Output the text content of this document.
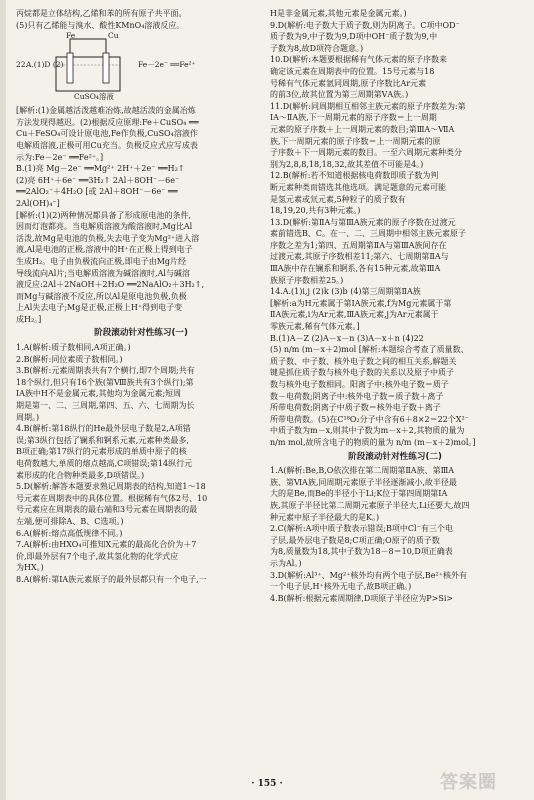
丙烷都是立体结构,乙烯和苯的所有原子共平面。
(5)只有乙烯能与溴水、酸性KMnO₄溶液反应。
22.
A.(1)D (2)
Fe	Cu
CuSO₄溶液
Fe－2e⁻ ══Fe²⁺
[解析:(1)金属越活泼越难冶炼,故越活泼的金属冶炼
方法发现得越迟。(2)根据反应原理:Fe＋CuSO₄ ══
Cu＋FeSO₄可设计原电池,Fe作负极,CuSO₄溶液作
电解质溶液,正极可用Cu充当。负极反应式应写成表
示为:Fe－2e⁻ ══Fe²⁺。]
B.(1)亮 Mg－2e⁻ ══Mg²⁺ 2H⁺＋2e⁻ ══H₂↑
(2)亮 6H⁺＋6e⁻ ══3H₂↑ 2Al＋8OH⁻－6e⁻
══2AlO₂⁻＋4H₂O [或 2Al＋8OH⁻－6e⁻ ══
2Al(OH)₄⁻]
[解析:(1)(2)两种情况都具备了形成原电池的条件,
因而灯泡都亮。当电解质溶液为酸溶液时,Mg比Al
活泼,故Mg是电池的负极,失去电子变为Mg²⁺进入溶
液,Al是电池的正极,溶液中的H⁺在正极上得到电子
生成H₂。电子由负极流向正极,即电子由Mg片经
导线流向Al片;当电解质溶液为碱溶液时,Al与碱溶
液反应:2Al＋2NaOH＋2H₂O ══2NaAlO₂＋3H₂↑,
而Mg与碱溶液不反应,所以Al是原电池负极,负极
上Al失去电子;Mg是正极,正极上H⁺得到电子变
成H₂。]
阶段滚动针对性练习(一)
1.A(解析:质子数相同,A项正确。)
2.B(解析:同位素质子数相同。)
3.B(解析:元素周期表共有7个横行,即7个周期;共有
18个纵行,但只有16个族(第Ⅷ族共有3个纵行);第
ⅠA族中H不是金属元素,其他均为金属元素;短周
期是第一、二、三周期,第四、五、六、七周期为长
周期。)
4.B(解析:第18纵行的He最外层电子数是2,A项错
误;第3纵行包括了镧系和锕系元素,元素种类最多,
B项正确;第17纵行的元素形成的单质中原子的核
电荷数越大,单质的熔点越高,C项错误;第14纵行元
素形成的化合物种类最多,D项错误。)
5.D(解析:解答本题要求熟记周期表的结构,知道1～18
号元素在周期表中的具体位置。根据稀有气体2号、10
号元素应在周期表的最右端和3号元素在周期表的最
左端,便可排除A、B、C选项。)
6.A(解析:熔点高低规律不同。)
7.A(解析:由HXO₄可推知X元素的最高化合价为＋7
价,即最外层有7个电子,故其氢化物的化学式应
为HX。)
8.A(解析:第ⅠA族元素原子的最外层都只有一个电子,一
H是非金属元素,其他元素是金属元素。)
9.D(解析:电子数大于质子数,则为阴离子。C项中OD⁻
质子数为9,中子数为9,D项中OH⁻质子数为9,中
子数为8,故D项符合题意。)
10.D(解析:本题要根据稀有气体元素的原子序数来
确定该元素在周期表中的位置。15号元素与18
号稀有气体元素氩同周期,原子序数比Ar元素
的前3位,故其位置为第三周期第ⅤA族。)
11.D(解析:同周期相互相邻主族元素的原子序数差为:第
ⅠA～ⅡA族,下一周期元素的原子序数＝上一周期
元素的原子序数＋上一周期元素的数目;第ⅢA～ⅦA
族,下一周期元素的原子序数＝上一周期元素的原
子序数＋下一周期元素的数目。一至六周期元素种类分
别为2,8,8,18,18,32,故其差值不可能是4。)
12.B(解析:若不知道根据核电荷数即质子数为判
断元素种类而错选其他选项。满足题意的元素可能
是氢元素或氘元素,5种粒子的质子数有
18,19,20,共有3种元素。)
13.D(解析:第ⅡA与第ⅢA族元素的原子序数在过渡元
素前错选B、C。在一、二、三周期中相邻主族元素原子
序数之差为1;第四、五周期第ⅡA与第ⅢA族间存在
过渡元素,其原子序数相差11;第六、七周期第ⅡA与
ⅢA族中存在镧系和锕系,各有15种元素,故第ⅢA
族原子序数相差25。)
14.A.(1)i,j (2)k (3)b (4)第三周期第ⅡA族
[解析:a为H元素属于第ⅠA族元素,f为Mg元素属于第
ⅡA族元素,i为Ar元素,ⅢA族元素,j为Ar元素属于
零族元素,稀有气体元素。]
B.(1)A－Z (2)A－x－n (3)A－x＋n (4)22
(5) n/m (m－x＋2)mol [解析:本题综合考查了质量数、
质子数、中子数、核外电子数之间的相互关系,解题关
键是抓住质子数与核外电子数的关系以及原子中质子
数与核外电子数相同。阳离子中:核外电子数＝质子
数－电荷数;阴离子中:核外电子数＝质子数＋离子
所带电荷数;阴离子中质子数＝核外电子数＋离子
所带电荷数。(5)在C¹⁸O₂分子中含有6＋8×2＝22个X²⁻
中质子数为m－x,则其中子数为m－x＋2,其物质的量为
n/m mol,故所含电子的物质的量为 n/m (m－x＋2)mol。]
阶段滚动针对性练习(二)
1.A(解析:Be,B,O依次排在第二周期第ⅡA族、第ⅢA
族、第ⅥA族,同周期元素原子半径逐渐减小,故半径最
大的是Be,而Be的半径小于Li;K位于第四周期第ⅠA
族,其原子半径比第二周期元素原子半径大,Li还要大,故四
种元素中原子半径最大的是K。)
2.C(解析:A项中质子数表示错误;B项中Cl⁻有三个电
子层,最外层电子数是8;C项正确;O原子的质子数
为8,质量数为18,其中子数为18－8＝10,D项正确表
示为Al。)
3.D(解析:Al³⁺、Mg²⁺核外均有两个电子层,Be²⁺核外有
一个电子层,H⁺核外无电子,故B项正确。)
4.B(解析:根据元素周期律,D项原子半径应为P>Si>
· 155 ·	答案圈
